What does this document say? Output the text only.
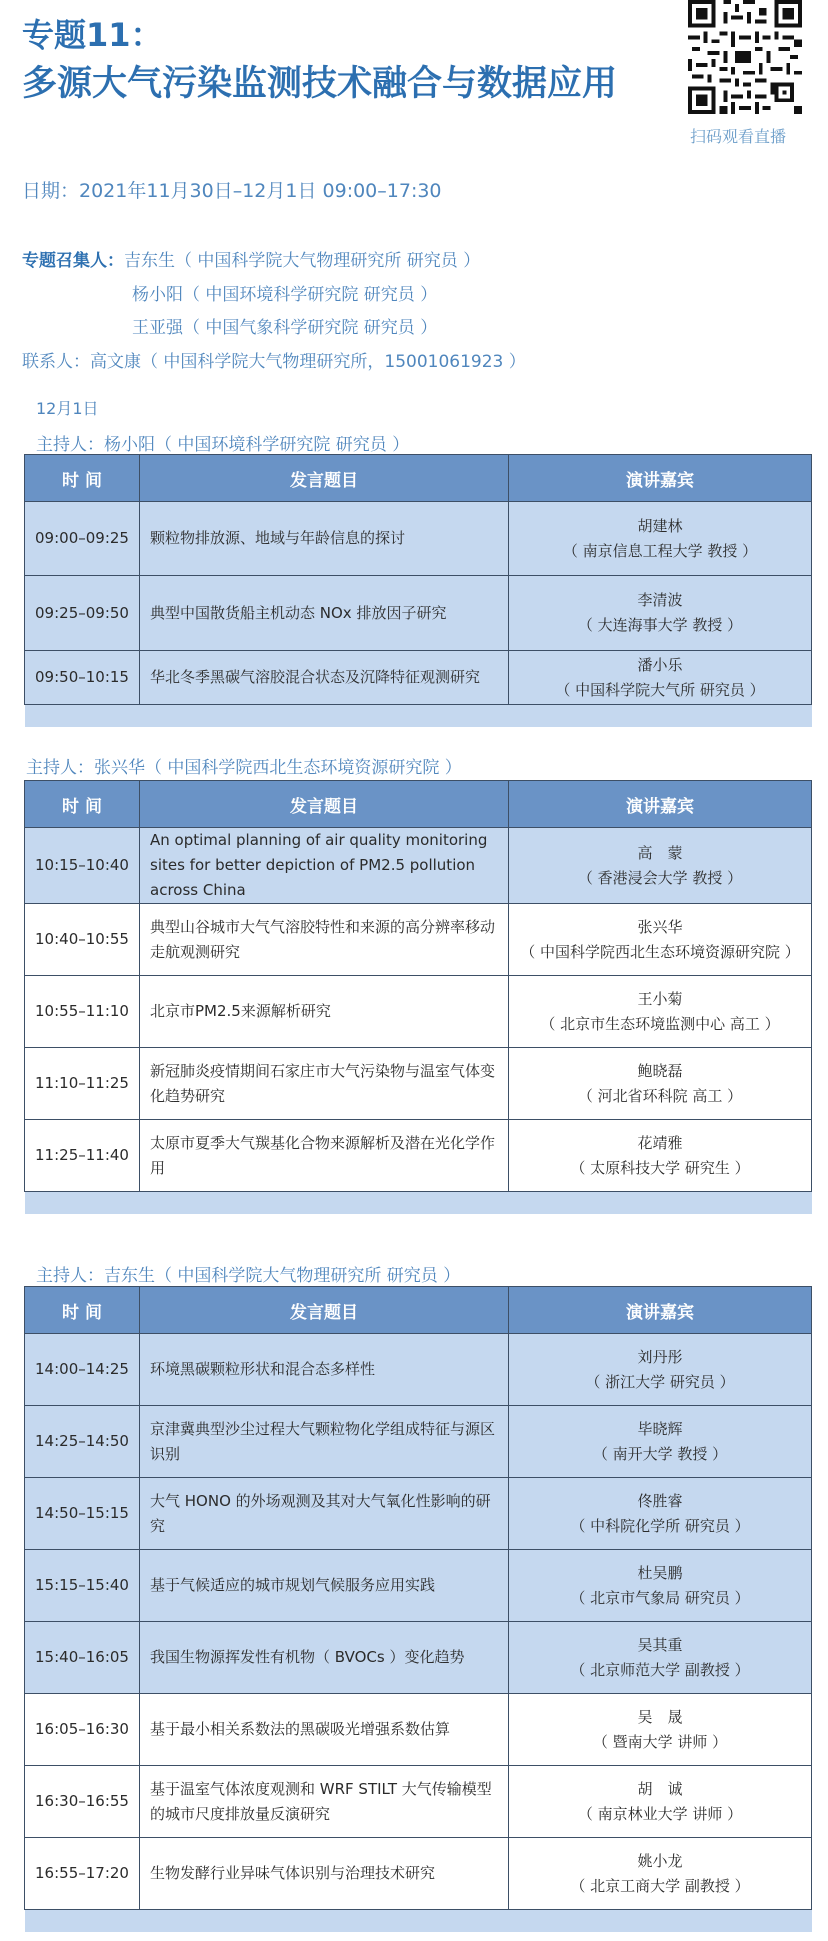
专题11：
多源大气污染监测技术融合与数据应用
扫码观看直播
日期：2021年11月30日–12月1日 09:00–17:30
专题召集人：吉东生（ 中国科学院大气物理研究所 研究员 ）
杨小阳（ 中国环境科学研究院 研究员 ）
王亚强（ 中国气象科学研究院 研究员 ）
联系人：高文康（ 中国科学院大气物理研究所，15001061923 ）
12月1日
主持人：杨小阳（ 中国环境科学研究院 研究员 ）
时 间	发言题目	演讲嘉宾
09:00–09:25	颗粒物排放源、地域与年龄信息的探讨	胡建林
（ 南京信息工程大学 教授 ）

09:25–09:50	典型中国散货船主机动态 NOx 排放因子研究	李清波
（ 大连海事大学 教授 ）

09:50–10:15	华北冬季黑碳气溶胶混合状态及沉降特征观测研究	潘小乐
（ 中国科学院大气所 研究员 ）

主持人：张兴华（ 中国科学院西北生态环境资源研究院 ）
时 间	发言题目	演讲嘉宾
10:15–10:40	An optimal planning of air quality monitoring sites for better depiction of PM2.5 pollution across China	高　蒙
（ 香港浸会大学 教授 ）

10:40–10:55	典型山谷城市大气气溶胶特性和来源的高分辨率移动走航观测研究	张兴华
（ 中国科学院西北生态环境资源研究院 ）

10:55–11:10	北京市PM2.5来源解析研究	王小菊
（ 北京市生态环境监测中心 高工 ）

11:10–11:25	新冠肺炎疫情期间石家庄市大气污染物与温室气体变化趋势研究	鲍晓磊
（ 河北省环科院 高工 ）

11:25–11:40	太原市夏季大气羰基化合物来源解析及潜在光化学作用	花靖雅
（ 太原科技大学 研究生 ）

主持人：吉东生（ 中国科学院大气物理研究所 研究员 ）
时 间	发言题目	演讲嘉宾
14:00–14:25	环境黑碳颗粒形状和混合态多样性	刘丹彤
（ 浙江大学 研究员 ）

14:25–14:50	京津冀典型沙尘过程大气颗粒物化学组成特征与源区识别	毕晓辉
（ 南开大学 教授 ）

14:50–15:15	大气 HONO 的外场观测及其对大气氧化性影响的研究	佟胜睿
（ 中科院化学所 研究员 ）

15:15–15:40	基于气候适应的城市规划气候服务应用实践	杜吴鹏
（ 北京市气象局 研究员 ）

15:40–16:05	我国生物源挥发性有机物（ BVOCs ）变化趋势	吴其重
（ 北京师范大学 副教授 ）

16:05–16:30	基于最小相关系数法的黑碳吸光增强系数估算	吴　晟
（ 暨南大学 讲师 ）

16:30–16:55	基于温室气体浓度观测和 WRF STILT 大气传输模型的城市尺度排放量反演研究	胡　诚
（ 南京林业大学 讲师 ）

16:55–17:20	生物发酵行业异味气体识别与治理技术研究	姚小龙
（ 北京工商大学 副教授 ）
